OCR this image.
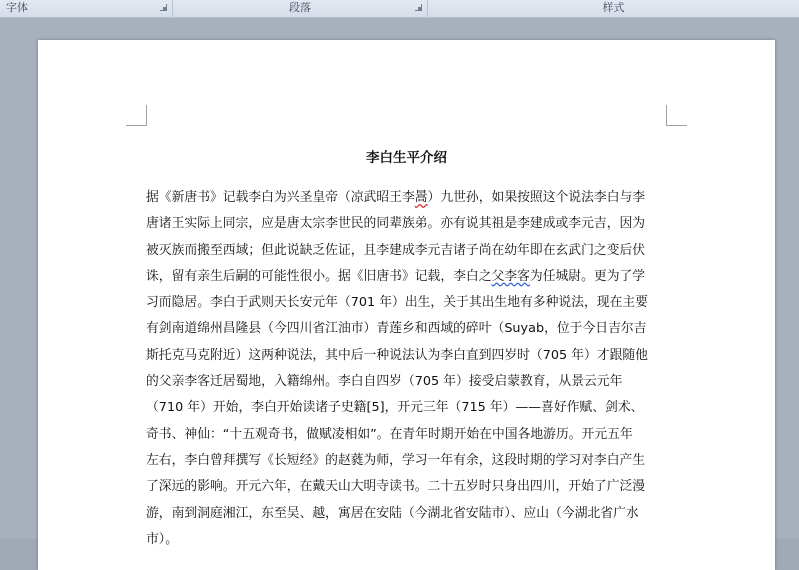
字体	段落	样式
李白生平介绍
据《新唐书》记载李白为兴圣皇帝（凉武昭王李暠）九世孙，如果按照这个说法李白与李
唐诸王实际上同宗，应是唐太宗李世民的同辈族弟。亦有说其祖是李建成或李元吉，因为
被灭族而搬至西域；但此说缺乏佐证，且李建成李元吉诸子尚在幼年即在玄武门之变后伏
诛，留有亲生后嗣的可能性很小。据《旧唐书》记载，李白之父李客为任城尉。更为了学
习而隐居。李白于武则天长安元年（701 年）出生，关于其出生地有多种说法，现在主要
有剑南道绵州昌隆县（今四川省江油市）青莲乡和西域的碎叶（Suyab，位于今日吉尔吉
斯托克马克附近）这两种说法，其中后一种说法认为李白直到四岁时（705 年）才跟随他
的父亲李客迁居蜀地，入籍绵州。李白自四岁（705 年）接受启蒙教育，从景云元年
（710 年）开始，李白开始读诸子史籍[5]，开元三年（715 年）——喜好作赋、剑术、
奇书、神仙：“十五观奇书，做赋凌相如”。在青年时期开始在中国各地游历。开元五年
左右，李白曾拜撰写《长短经》的赵蕤为师，学习一年有余，这段时期的学习对李白产生
了深远的影响。开元六年，在戴天山大明寺读书。二十五岁时只身出四川，开始了广泛漫
游，南到洞庭湘江，东至吴、越，寓居在安陆（今湖北省安陆市）、应山（今湖北省广水
市）。
